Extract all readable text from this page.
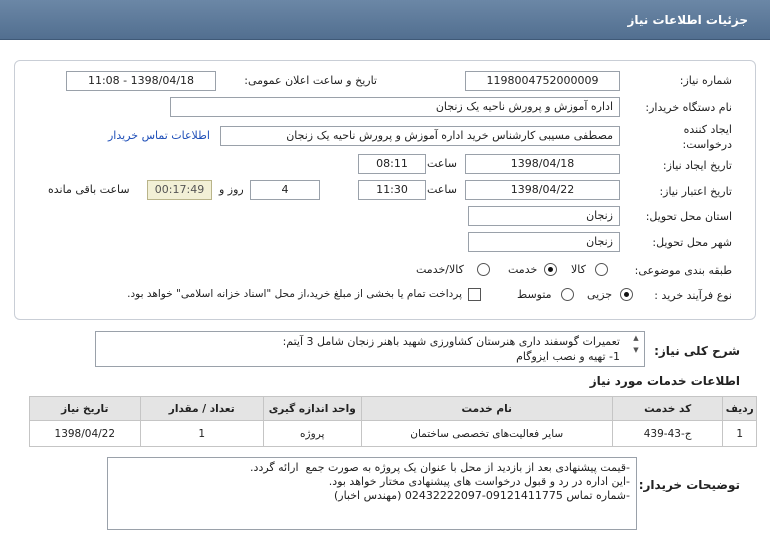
جزئیات اطلاعات نیاز
شماره نیاز:
1198004752000009
تاریخ و ساعت اعلان عمومی:
1398/04/18 - 11:08
نام دستگاه خریدار:
اداره آموزش و پرورش ناحیه یک زنجان
ایجاد کننده
درخواست:
مصطفی مسیبی کارشناس خرید اداره آموزش و پرورش ناحیه یک زنجان
اطلاعات تماس خریدار
تاریخ ایجاد نیاز:
1398/04/18
ساعت
08:11
تاریخ اعتبار نیاز:
1398/04/22
ساعت
11:30
4
روز و
00:17:49
ساعت باقی مانده
استان محل تحویل:
زنجان
شهر محل تحویل:
زنجان
طبقه بندی موضوعی:
کالا
خدمت
کالا/خدمت
نوع فرآیند خرید :
جزیی
متوسط
پرداخت تمام یا بخشی از مبلغ خرید،از محل "اسناد خزانه اسلامی" خواهد بود.
شرح کلی نیاز:
تعمیرات گوسفند داری هنرستان کشاورزی شهید باهنر زنجان شامل 3 آیتم:
1- تهیه و نصب ایزوگام
▲
▼
اطلاعات خدمات مورد نیاز
ردیف	کد خدمت	نام خدمت	واحد اندازه گیری	تعداد / مقدار	تاریخ نیاز
1	ج-43-439	سایر فعالیت‌های تخصصی ساختمان	پروژه	1	1398/04/22
توضیحات خریدار:
-قیمت پیشنهادی بعد از بازدید از محل با عنوان یک پروژه به صورت جمع  ارائه گردد.
-این اداره در رد و قبول درخواست های پیشنهادی مختار خواهد بود.
-شماره تماس 09121411775-02432222097 (مهندس اخبار)
